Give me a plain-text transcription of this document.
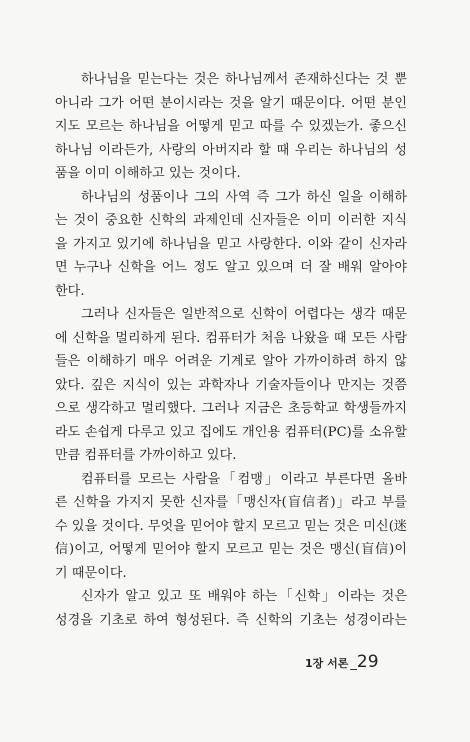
하나님을 믿는다는 것은 하나님께서 존재하신다는 것 뿐
아니라 그가 어떤 분이시라는 것을 알기 때문이다. 어떤 분인
지도 모르는 하나님을 어떻게 믿고 따를 수 있겠는가. 좋으신
하나님 이라든가, 사랑의 아버지라 할 때 우리는 하나님의 성
품을 이미 이해하고 있는 것이다.

하나님의 성품이나 그의 사역 즉 그가 하신 일을 이해하
는 것이 중요한 신학의 과제인데 신자들은 이미 이러한 지식
을 가지고 있기에 하나님을 믿고 사랑한다. 이와 같이 신자라
면 누구나 신학을 어느 정도 알고 있으며 더 잘 배워 알아야
한다.

그러나 신자들은 일반적으로 신학이 어렵다는 생각 때문
에 신학을 멀리하게 된다. 컴퓨터가 처음 나왔을 때 모든 사람
들은 이해하기 매우 어려운 기계로 알아 가까이하려 하지 않
았다. 깊은 지식이 있는 과학자나 기술자들이나 만지는 것쯤
으로 생각하고 멀리했다. 그러나 지금은 초등학교 학생들까지
라도 손쉽게 다루고 있고 집에도 개인용 컴퓨터(PC)를 소유할
만큼 컴퓨터를 가까이하고 있다.

컴퓨터를 모르는 사람을「컴맹」이라고 부른다면 올바
른 신학을 가지지 못한 신자를「맹신자(盲信者)」라고 부를
수 있을 것이다. 무엇을 믿어야 할지 모르고 믿는 것은 미신(迷
信)이고, 어떻게 믿어야 할지 모르고 믿는 것은 맹신(盲信)이
기 때문이다.

신자가 알고 있고 또 배워야 하는「신학」이라는 것은
성경을 기초로 하여 형성된다. 즉 신학의 기초는 성경이라는

1장 서론 _29
